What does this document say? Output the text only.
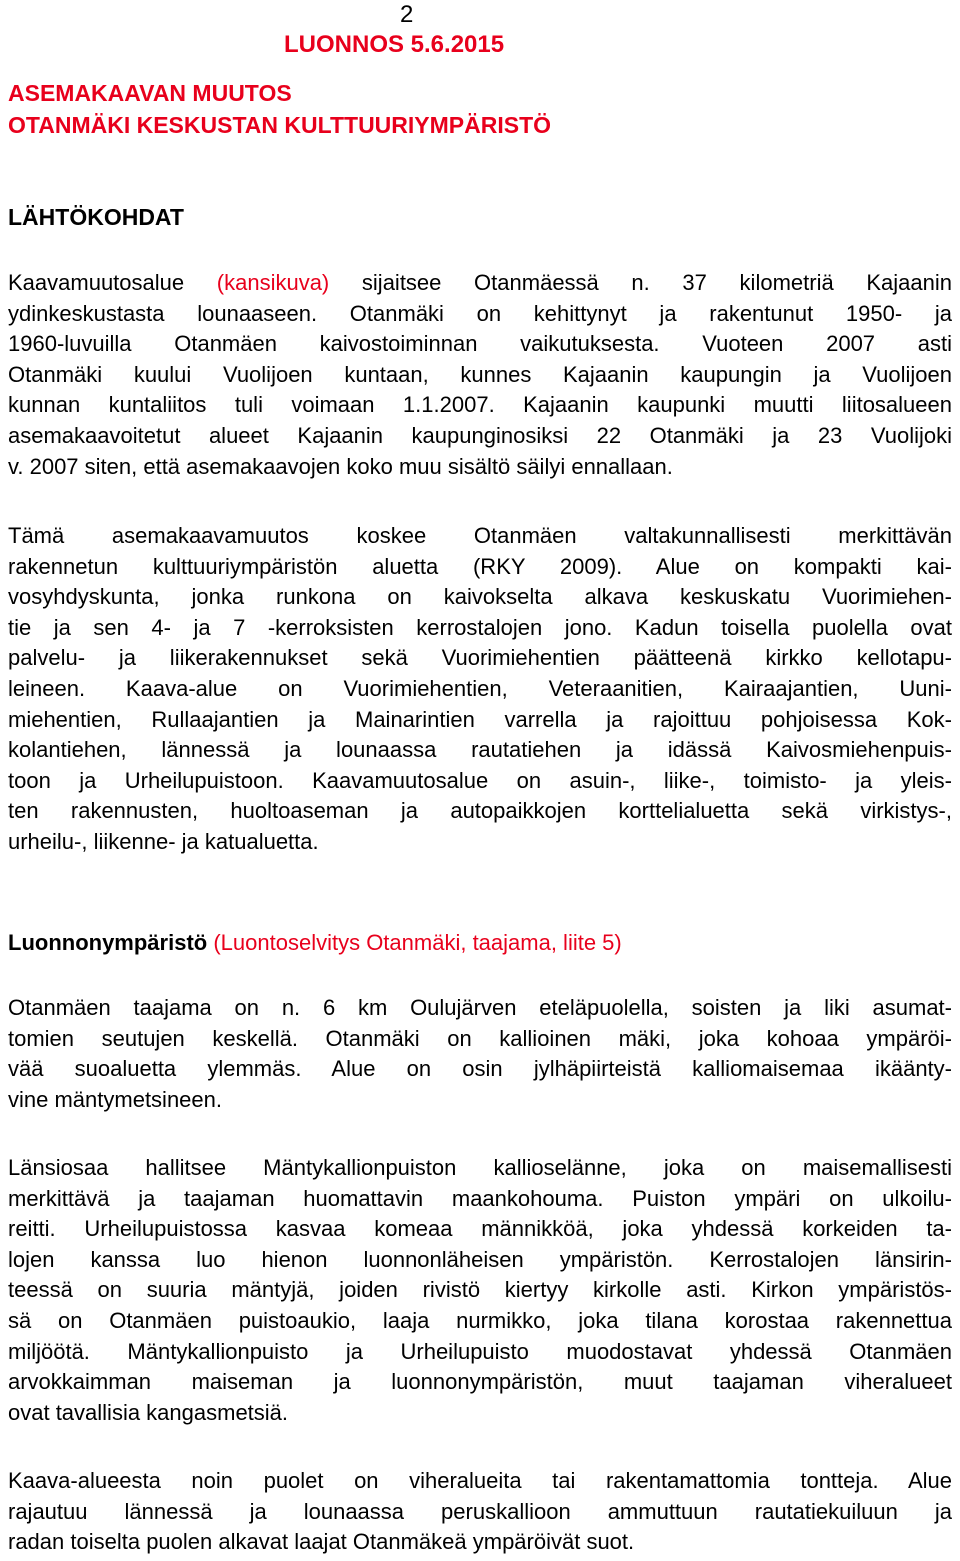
2
LUONNOS 5.6.2015
ASEMAKAAVAN MUUTOS
OTANMÄKI KESKUSTAN KULTTUURIYMPÄRISTÖ
LÄHTÖKOHDAT
Kaavamuutosalue (kansikuva) sijaitsee Otanmäessä n. 37 kilometriä Kajaanin
ydinkeskustasta lounaaseen. Otanmäki on kehittynyt ja rakentunut 1950- ja
1960-luvuilla Otanmäen kaivostoiminnan vaikutuksesta. Vuoteen 2007 asti
Otanmäki kuului Vuolijoen kuntaan, kunnes Kajaanin kaupungin ja Vuolijoen
kunnan kuntaliitos tuli voimaan 1.1.2007. Kajaanin kaupunki muutti liitosalueen
asemakaavoitetut alueet Kajaanin kaupunginosiksi 22 Otanmäki ja 23 Vuolijoki
v. 2007 siten, että asemakaavojen koko muu sisältö säilyi ennallaan.
Tämä asemakaavamuutos koskee Otanmäen valtakunnallisesti merkittävän
rakennetun kulttuuriympäristön aluetta (RKY 2009). Alue on kompakti kai-
vosyhdyskunta, jonka runkona on kaivokselta alkava keskuskatu Vuorimiehen-
tie ja sen 4- ja 7 -kerroksisten kerrostalojen jono. Kadun toisella puolella ovat
palvelu- ja liikerakennukset sekä Vuorimiehentien päätteenä kirkko kellotapu-
leineen. Kaava-alue on Vuorimiehentien, Veteraanitien, Kairaajantien, Uuni-
miehentien, Rullaajantien ja Mainarintien varrella ja rajoittuu pohjoisessa Kok-
kolantiehen, lännessä ja lounaassa rautatiehen ja idässä Kaivosmiehenpuis-
toon ja Urheilupuistoon. Kaavamuutosalue on asuin-, liike-, toimisto- ja yleis-
ten rakennusten, huoltoaseman ja autopaikkojen korttelialuetta sekä virkistys-,
urheilu-, liikenne- ja katualuetta.
Luonnonympäristö (Luontoselvitys Otanmäki, taajama, liite 5)
Otanmäen taajama on n. 6 km Oulujärven eteläpuolella, soisten ja liki asumat-
tomien seutujen keskellä. Otanmäki on kallioinen mäki, joka kohoaa ympäröi-
vää suoaluetta ylemmäs. Alue on osin jylhäpiirteistä kalliomaisemaa ikäänty-
vine mäntymetsineen.
Länsiosaa hallitsee Mäntykallionpuiston kallioselänne, joka on maisemallisesti
merkittävä ja taajaman huomattavin maankohouma. Puiston ympäri on ulkoilu-
reitti. Urheilupuistossa kasvaa komeaa männikköä, joka yhdessä korkeiden ta-
lojen kanssa luo hienon luonnonläheisen ympäristön. Kerrostalojen länsirin-
teessä on suuria mäntyjä, joiden rivistö kiertyy kirkolle asti. Kirkon ympäristös-
sä on Otanmäen puistoaukio, laaja nurmikko, joka tilana korostaa rakennettua
miljöötä. Mäntykallionpuisto ja Urheilupuisto muodostavat yhdessä Otanmäen
arvokkaimman maiseman ja luonnonympäristön, muut taajaman viheralueet
ovat tavallisia kangasmetsiä.
Kaava-alueesta noin puolet on viheralueita tai rakentamattomia tontteja. Alue
rajautuu lännessä ja lounaassa peruskallioon ammuttuun rautatiekuiluun ja
radan toiselta puolen alkavat laajat Otanmäkeä ympäröivät suot.
